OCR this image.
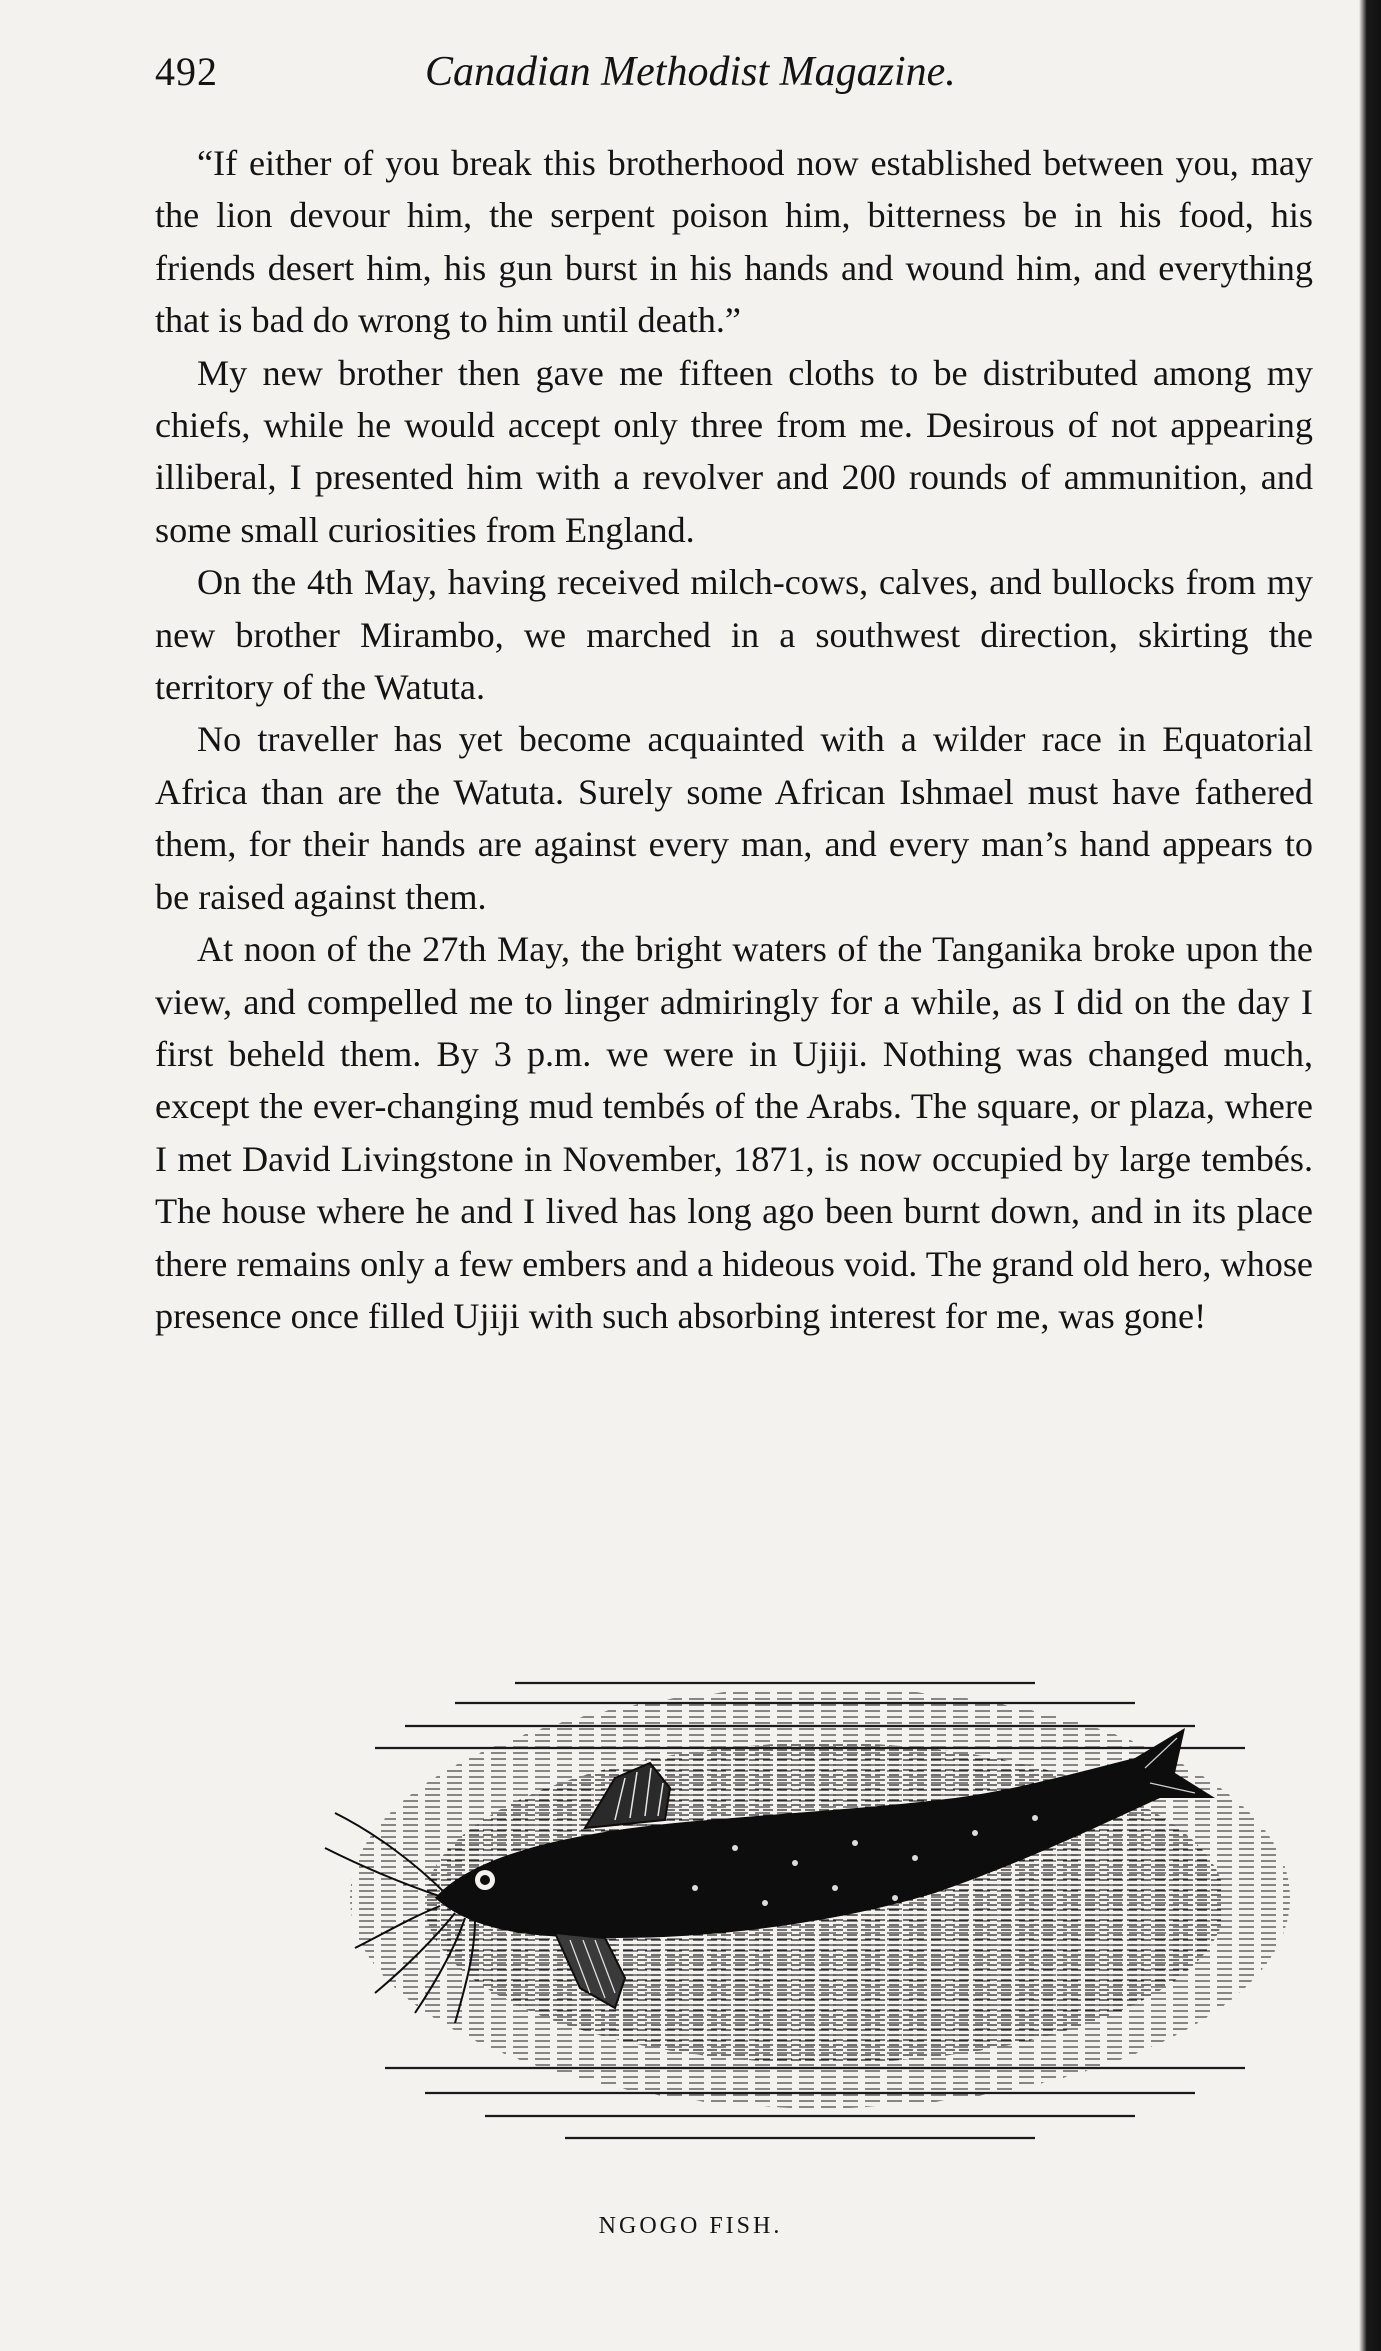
492	Canadian Methodist Magazine.

“If either of you break this brotherhood now established between you, may the lion devour him, the serpent poison him, bitterness be in his food, his friends desert him, his gun burst in his hands and wound him, and everything that is bad do wrong to him until death.”

My new brother then gave me fifteen cloths to be distributed among my chiefs, while he would accept only three from me. Desirous of not appearing illiberal, I presented him with a revolver and 200 rounds of ammunition, and some small curiosities from England.

On the 4th May, having received milch-cows, calves, and bullocks from my new brother Mirambo, we marched in a southwest direction, skirting the territory of the Watuta.

No traveller has yet become acquainted with a wilder race in Equatorial Africa than are the Watuta. Surely some African Ishmael must have fathered them, for their hands are against every man, and every man’s hand appears to be raised against them.

At noon of the 27th May, the bright waters of the Tanganika broke upon the view, and compelled me to linger admiringly for a while, as I did on the day I first beheld them. By 3 p.m. we were in Ujiji. Nothing was changed much, except the ever-changing mud tembés of the Arabs. The square, or plaza, where I met David Livingstone in November, 1871, is now occupied by large tembés. The house where he and I lived has long ago been burnt down, and in its place there remains only a few embers and a hideous void. The grand old hero, whose presence once filled Ujiji with such absorbing interest for me, was gone!

NGOGO FISH.
